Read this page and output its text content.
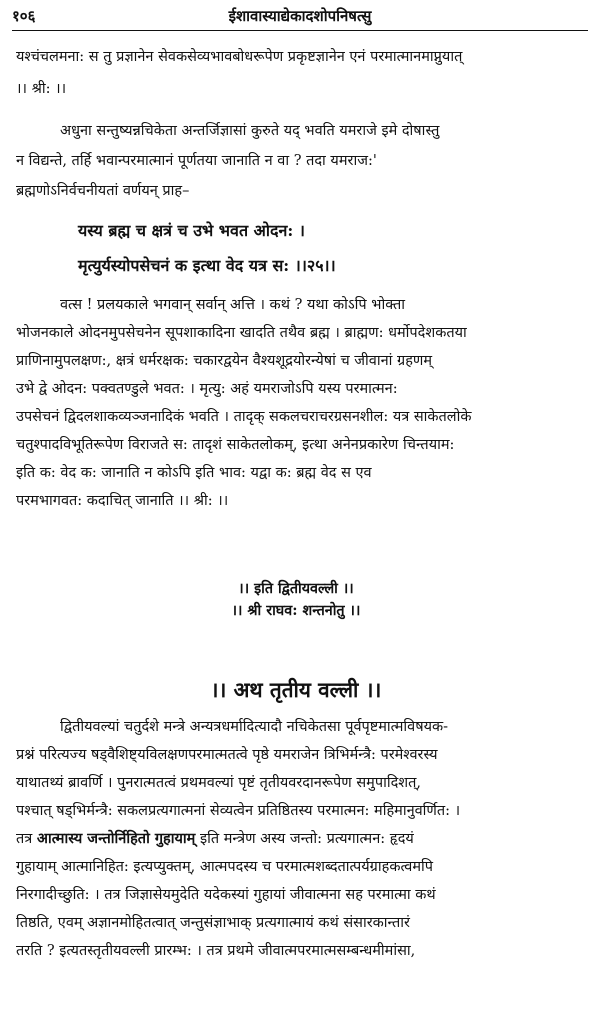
१०६	ईशावास्याद्येकादशोपनिषत्सु
यश्चंचलमना: स तु प्रज्ञानेन सेवकसेव्यभावबोधरूपेण प्रकृष्टज्ञानेन एनं परमात्मानमाप्नुयात्
।। श्री: ।।
अधुना सन्तुष्यन्नचिकेता अन्तर्जिज्ञासां कुरुते यद् भवति यमराजे इमे दोषास्तु
न विद्यन्ते, तर्हि भवान्परमात्मानं पूर्णतया जानाति न वा ? तदा यमराज:'
ब्रह्मणोऽनिर्वचनीयतां वर्णयन् प्राह–
यस्य ब्रह्म च क्षत्रं च उभे भवत ओदन: ।
मृत्युर्यस्योपसेचनं क इत्था वेद यत्र स: ।।२५।।
वत्स ! प्रलयकाले भगवान् सर्वान् अत्ति । कथं ? यथा कोऽपि भोक्ता
भोजनकाले ओदनमुपसेचनेन सूपशाकादिना खादति तथैव ब्रह्म । ब्राह्मण: धर्मोपदेशकतया
प्राणिनामुपलक्षण:, क्षत्रं धर्मरक्षक: चकारद्वयेन वैश्यशूद्रयोरन्येषां च जीवानां ग्रहणम्
उभे द्वे ओदन: पक्वतण्डुले भवत: । मृत्यु: अहं यमराजोऽपि यस्य परमात्मन:
उपसेचनं द्विदलशाकव्यञ्जनादिकं भवति । तादृक् सकलचराचरग्रसनशील: यत्र साकेतलोके
चतुश्पादविभूतिरूपेण विराजते स: तादृशं साकेतलोकम्, इत्था अनेनप्रकारेण चिन्तयाम:
इति क: वेद क: जानाति न कोऽपि इति भाव: यद्वा क: ब्रह्म वेद स एव
परमभागवत: कदाचित् जानाति ।। श्री: ।।
।। इति द्वितीयवल्ली ।।
।। श्री राघव: शन्तनोतु ।।
।। अथ तृतीय वल्ली ।।
द्वितीयवल्यां चतुर्दशे मन्त्रे अन्यत्रधर्मादित्यादौ नचिकेतसा पूर्वपृष्टमात्मविषयक-
प्रश्नं परित्यज्य षड्वैशिष्ट्यविलक्षणपरमात्मतत्वे पृष्ठे यमराजेन त्रिभिर्मन्त्रै: परमेश्वरस्य
याथातथ्यं ब्रावर्णि । पुनरात्मतत्वं प्रथमवल्यां पृष्टं तृतीयवरदानरूपेण समुपादिशत्,
पश्चात् षड्भिर्मन्त्रै: सकलप्रत्यगात्मनां सेव्यत्वेन प्रतिष्ठितस्य परमात्मन: महिमानुवर्णित: ।
तत्र आत्मास्य जन्तोर्निहितो गुहायाम् इति मन्त्रेण अस्य जन्तो: प्रत्यगात्मन: हृदयं
गुहायाम् आत्मानिहित: इत्यप्युक्तम्, आत्मपदस्य च परमात्मशब्दतात्पर्यग्राहकत्वमपि
निरगादीच्छुति: । तत्र जिज्ञासेयमुदेति यदेकस्यां गुहायां जीवात्मना सह परमात्मा कथं
तिष्ठति, एवम् अज्ञानमोहितत्वात् जन्तुसंज्ञाभाक् प्रत्यगात्मायं कथं संसारकान्तारं
तरति ? इत्यतस्तृतीयवल्ली प्रारम्भ: । तत्र प्रथमे जीवात्मपरमात्मसम्बन्धमीमांसा,
